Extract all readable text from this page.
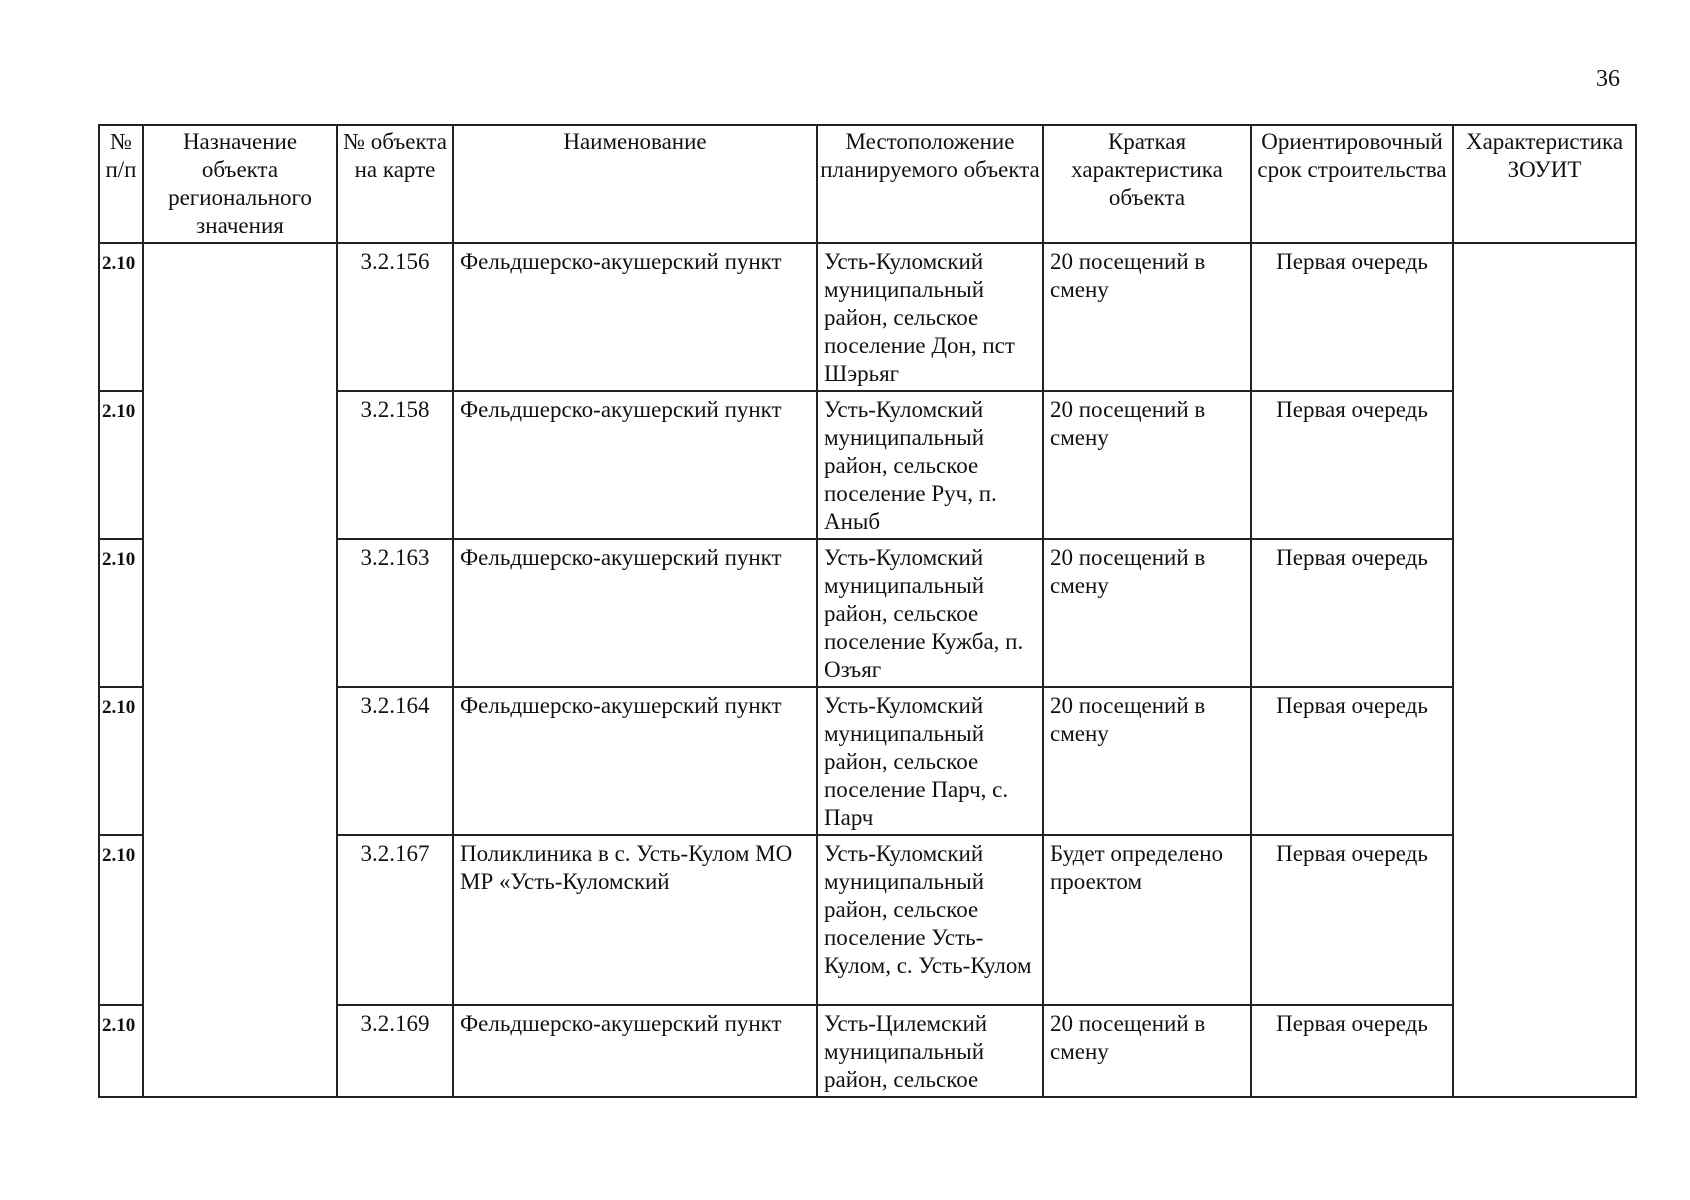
36
№ п/п	Назначение объекта регионального значения	№ объекта на карте	Наименование	Местоположение планируемого объекта	Краткая характеристика объекта	Ориентировочный срок строительства	Характеристика ЗОУИТ
2.10		3.2.156	Фельдшерско-акушерский пункт	Усть-Куломский муниципальный район, сельское поселение Дон, пст Шэрьяг	20 посещений в смену	Первая очередь	
2.10		3.2.158	Фельдшерско-акушерский пункт	Усть-Куломский муниципальный район, сельское поселение Руч, п. Аныб	20 посещений в смену	Первая очередь	
2.10		3.2.163	Фельдшерско-акушерский пункт	Усть-Куломский муниципальный район, сельское поселение Кужба, п. Озъяг	20 посещений в смену	Первая очередь	
2.10		3.2.164	Фельдшерско-акушерский пункт	Усть-Куломский муниципальный район, сельское поселение Парч, с. Парч	20 посещений в смену	Первая очередь	
2.10		3.2.167	Поликлиника в с. Усть-Кулом МО МР «Усть-Куломский	Усть-Куломский муниципальный район, сельское поселение Усть-Кулом, с. Усть-Кулом	Будет определено проектом	Первая очередь	
2.10		3.2.169	Фельдшерско-акушерский пункт	Усть-Цилемский муниципальный район, сельское	20 посещений в смену	Первая очередь	
